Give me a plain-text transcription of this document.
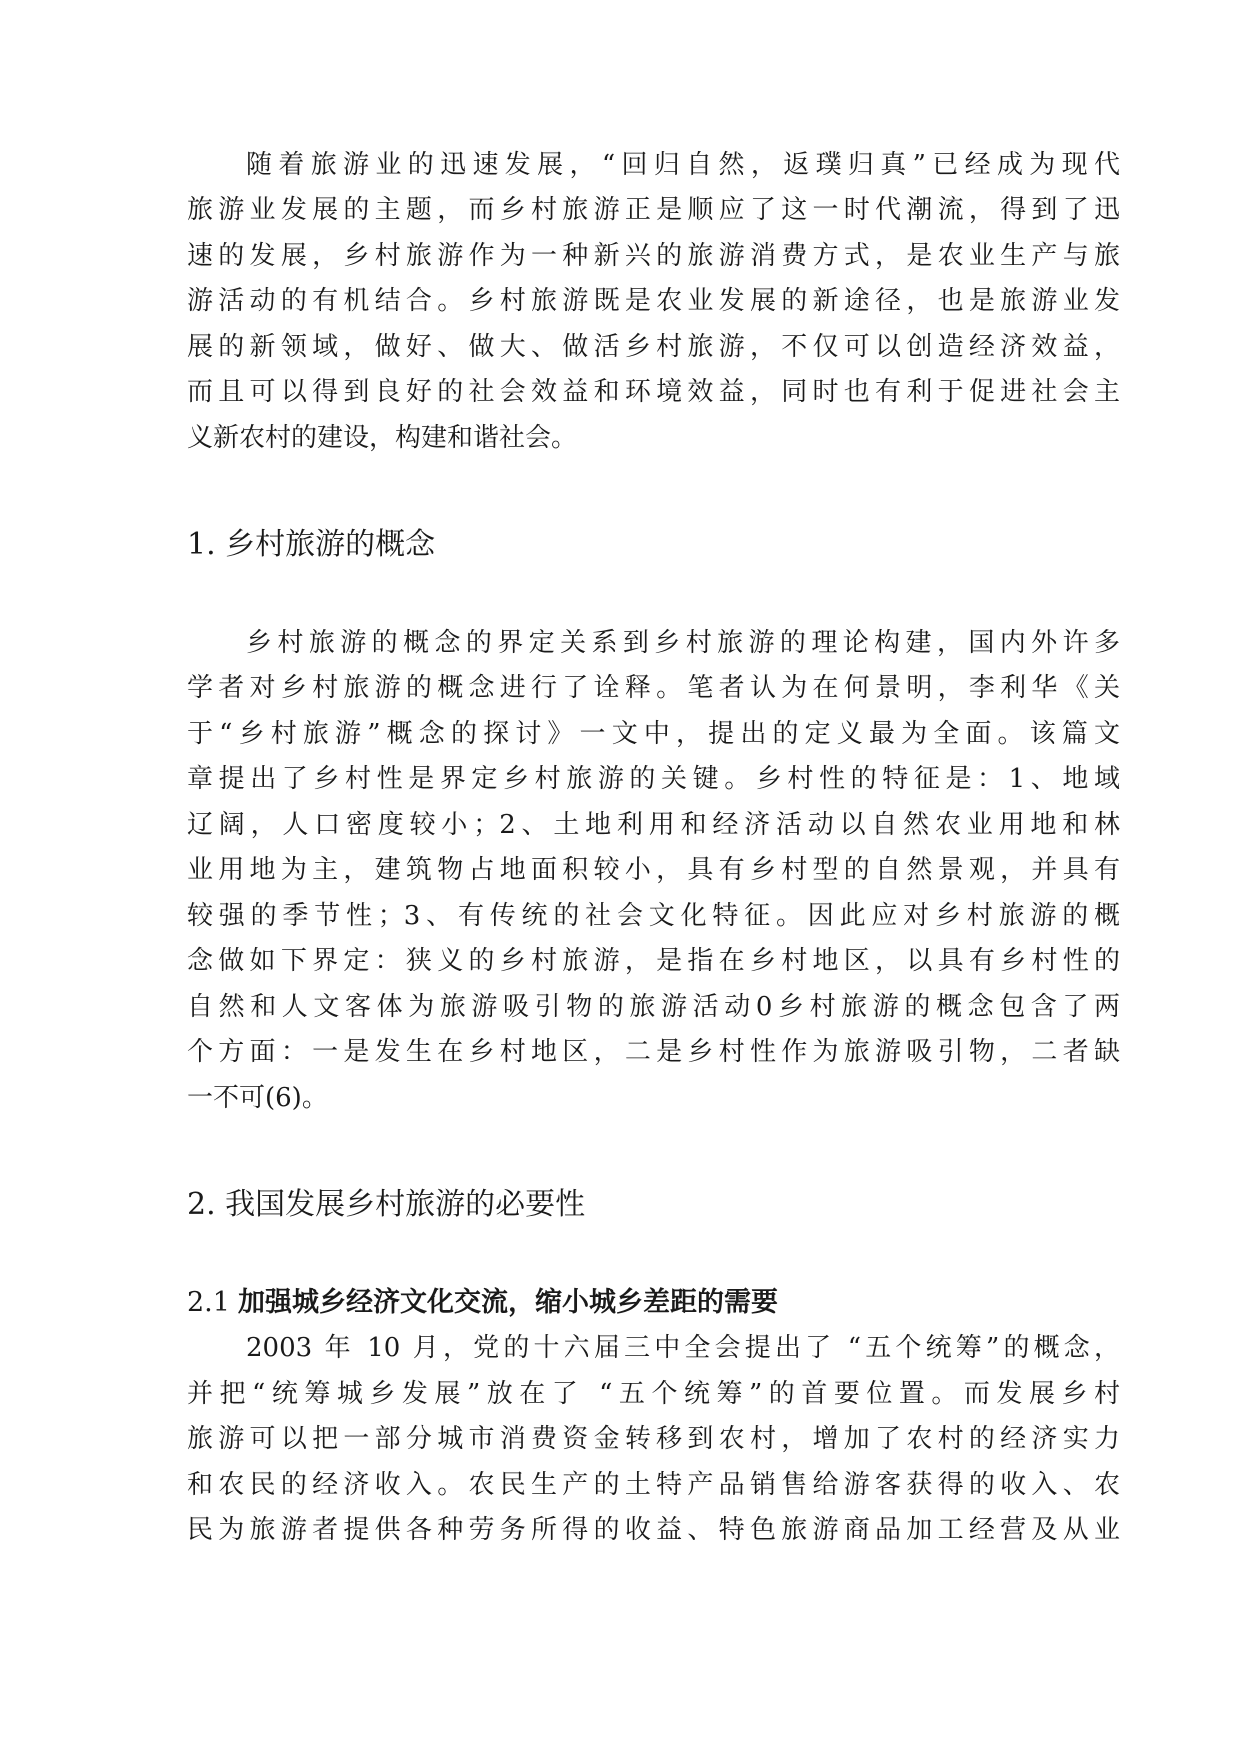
随着旅游业的迅速发展，“回归自然，返璞归真”已经成为现代
旅游业发展的主题，而乡村旅游正是顺应了这一时代潮流，得到了迅
速的发展，乡村旅游作为一种新兴的旅游消费方式，是农业生产与旅
游活动的有机结合。乡村旅游既是农业发展的新途径，也是旅游业发
展的新领域，做好、做大、做活乡村旅游，不仅可以创造经济效益，
而且可以得到良好的社会效益和环境效益，同时也有利于促进社会主
义新农村的建设，构建和谐社会。
1. 乡村旅游的概念
乡村旅游的概念的界定关系到乡村旅游的理论构建，国内外许多
学者对乡村旅游的概念进行了诠释。笔者认为在何景明，李利华《关
于“乡村旅游”概念的探讨》一文中，提出的定义最为全面。该篇文
章提出了乡村性是界定乡村旅游的关键。乡村性的特征是：1、地域
辽阔，人口密度较小；2、土地利用和经济活动以自然农业用地和林
业用地为主，建筑物占地面积较小，具有乡村型的自然景观，并具有
较强的季节性；3、有传统的社会文化特征。因此应对乡村旅游的概
念做如下界定：狭义的乡村旅游，是指在乡村地区，以具有乡村性的
自然和人文客体为旅游吸引物的旅游活动0乡村旅游的概念包含了两
个方面：一是发生在乡村地区，二是乡村性作为旅游吸引物，二者缺
一不可(6)。
2. 我国发展乡村旅游的必要性
2.1 加强城乡经济文化交流，缩小城乡差距的需要
2003 年 10 月，党的十六届三中全会提出了 “五个统筹”的概念，
并把“统筹城乡发展”放在了 “五个统筹”的首要位置。而发展乡村
旅游可以把一部分城市消费资金转移到农村，增加了农村的经济实力
和农民的经济收入。农民生产的土特产品销售给游客获得的收入、农
民为旅游者提供各种劳务所得的收益、特色旅游商品加工经营及从业
